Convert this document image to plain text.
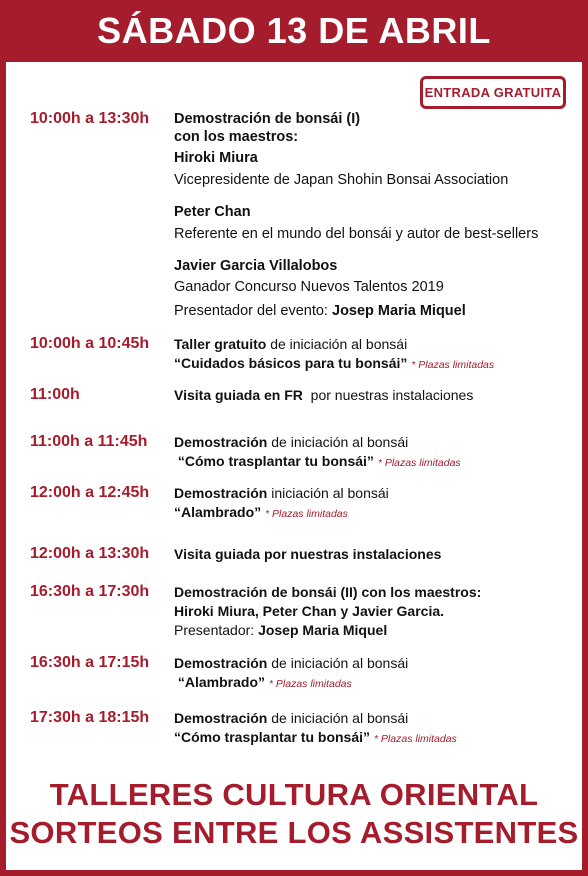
SÁBADO 13 DE ABRIL
ENTRADA GRATUITA
10:00h a 13:30h Demostración de bonsái (I)
con los maestros:
Hiroki Miura
Vicepresidente de Japan Shohin Bonsai Association
Peter Chan
Referente en el mundo del bonsái y autor de best-sellers
Javier Garcia Villalobos
Ganador Concurso Nuevos Talentos 2019
Presentador del evento: Josep Maria Miquel
10:00h a 10:45h Taller gratuito de iniciación al bonsái
“Cuidados básicos para tu bonsái” * Plazas limitadas
11:00h	Visita guiada en FR  por nuestras instalaciones
11:00h a 11:45h Demostración de iniciación al bonsái
“Cómo trasplantar tu bonsái” * Plazas limitadas
12:00h a 12:45h Demostración iniciación al bonsái
“Alambrado” * Plazas limitadas
12:00h a 13:30h Visita guiada por nuestras instalaciones
16:30h a 17:30h Demostración de bonsái (II) con los maestros:
Hiroki Miura, Peter Chan y Javier Garcia.
Presentador: Josep Maria Miquel
16:30h a 17:15h Demostración de iniciación al bonsái
“Alambrado” * Plazas limitadas
17:30h a 18:15h Demostración de iniciación al bonsái
“Cómo trasplantar tu bonsái” * Plazas limitadas
TALLERES CULTURA ORIENTAL
SORTEOS ENTRE LOS ASSISTENTES
